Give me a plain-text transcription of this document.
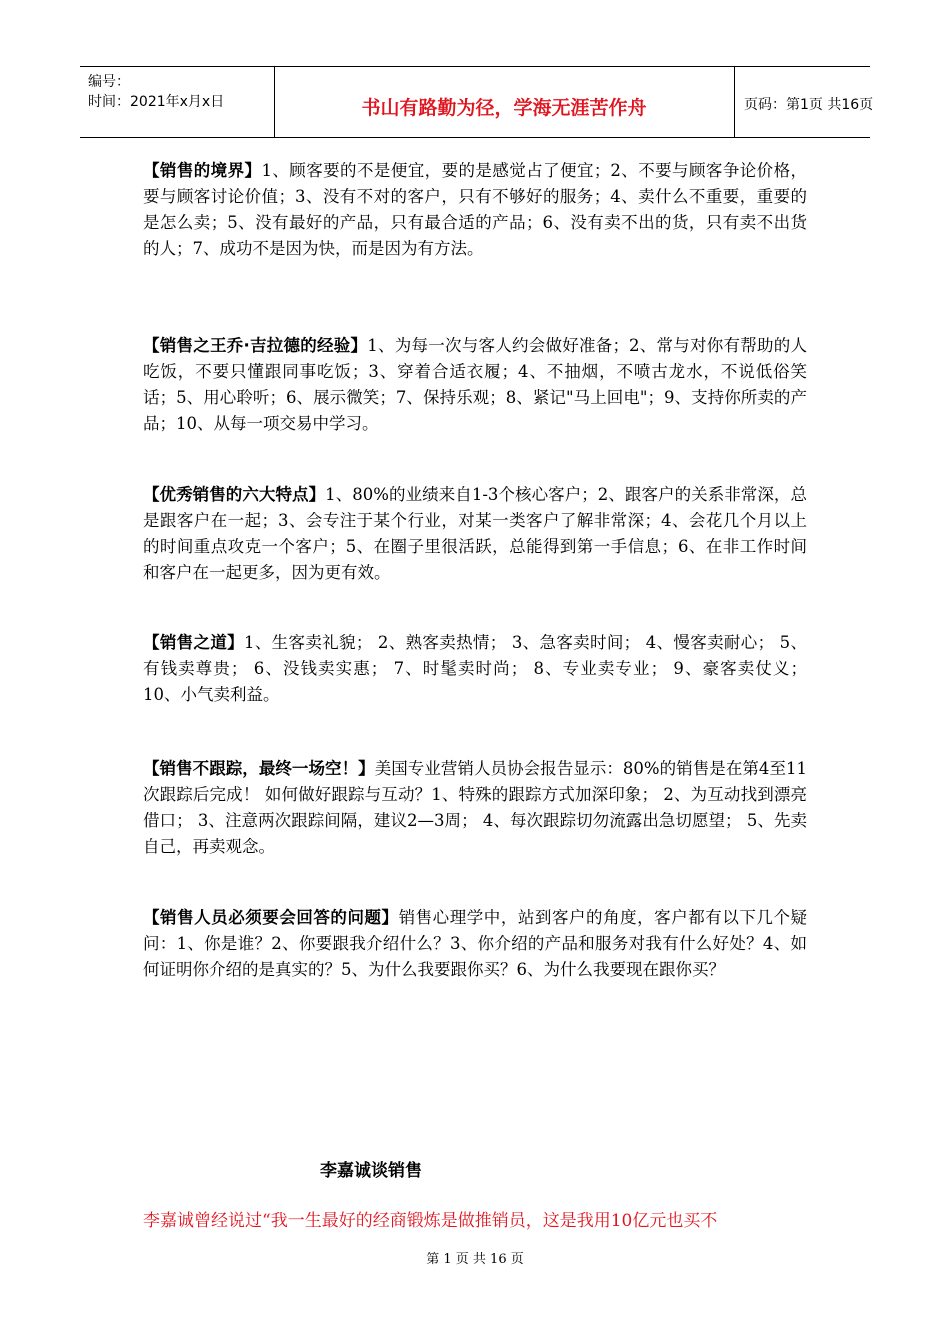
编号：
时间：2021年x月x日	书山有路勤为径，学海无涯苦作舟	页码：第1页 共16页
【销售的境界】1、顾客要的不是便宜，要的是感觉占了便宜；2、不要与顾客争论价格，要与顾客讨论价值；3、没有不对的客户，只有不够好的服务；4、卖什么不重要，重要的是怎么卖；5、没有最好的产品，只有最合适的产品；6、没有卖不出的货，只有卖不出货的人；7、成功不是因为快，而是因为有方法。
【销售之王乔·吉拉德的经验】1、为每一次与客人约会做好准备；2、常与对你有帮助的人吃饭，不要只懂跟同事吃饭；3、穿着合适衣履；4、不抽烟，不喷古龙水，不说低俗笑话；5、用心聆听；6、展示微笑；7、保持乐观；8、紧记"马上回电"；9、支持你所卖的产品；10、从每一项交易中学习。
【优秀销售的六大特点】1、80%的业绩来自1-3个核心客户；2、跟客户的关系非常深，总是跟客户在一起；3、会专注于某个行业，对某一类客户了解非常深；4、会花几个月以上的时间重点攻克一个客户；5、在圈子里很活跃，总能得到第一手信息；6、在非工作时间和客户在一起更多，因为更有效。
【销售之道】1、生客卖礼貌； 2、熟客卖热情； 3、急客卖时间； 4、慢客卖耐心； 5、有钱卖尊贵； 6、没钱卖实惠； 7、时髦卖时尚； 8、专业卖专业； 9、豪客卖仗义； 10、小气卖利益。
【销售不跟踪，最终一场空！】美国专业营销人员协会报告显示：80%的销售是在第4至11次跟踪后完成！ 如何做好跟踪与互动？1、特殊的跟踪方式加深印象； 2、为互动找到漂亮借口； 3、注意两次跟踪间隔，建议2—3周； 4、每次跟踪切勿流露出急切愿望； 5、先卖自己，再卖观念。
【销售人员必须要会回答的问题】销售心理学中，站到客户的角度，客户都有以下几个疑问：1、你是谁？2、你要跟我介绍什么？3、你介绍的产品和服务对我有什么好处？4、如何证明你介绍的是真实的？5、为什么我要跟你买？6、为什么我要现在跟你买？
李嘉诚谈销售
李嘉诚曾经说过“我一生最好的经商锻炼是做推销员，这是我用10亿元也买不
第 1 页 共 16 页
